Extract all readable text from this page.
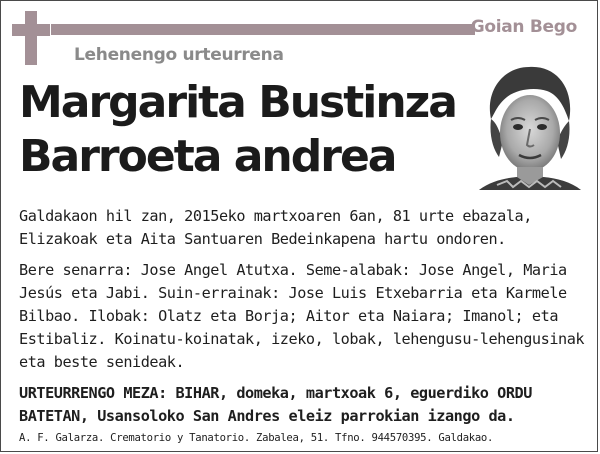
Goian Bego
Lehenengo urteurrena
Margarita Bustinza
Barroeta andrea

Galdakaon hil zan, 2015eko martxoaren 6an, 81 urte ebazala, Elizakoak eta Aita Santuaren Bedeinkapena hartu ondoren.

Bere senarra: Jose Angel Atutxa. Seme-alabak: Jose Angel, Maria Jesús eta Jabi. Suin-errainak: Jose Luis Etxebarria eta Karmele Bilbao. Ilobak: Olatz eta Borja; Aitor eta Naiara; Imanol; eta Estibaliz. Koinatu-koinatak, izeko, lobak, lehengusu-lehengusinak eta beste senideak.

URTEURRENGO MEZA: BIHAR, domeka, martxoak 6, eguerdiko ORDU BATETAN, Usansoloko San Andres eleiz parrokian izango da.

A. F. Galarza. Crematorio y Tanatorio. Zabalea, 51. Tfno. 944570395. Galdakao.
